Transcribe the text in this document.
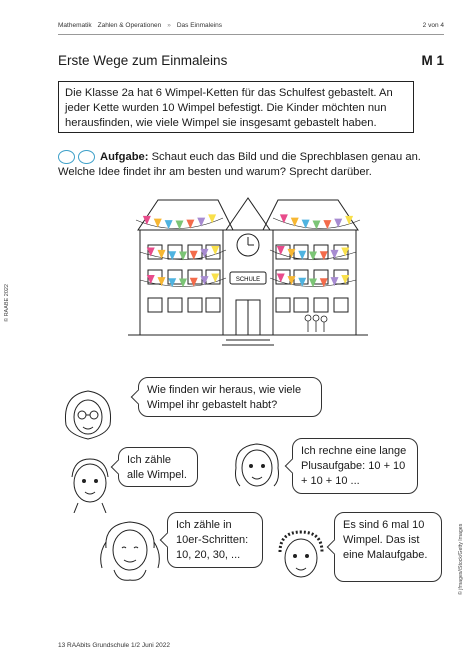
Mathematik Zahlen & Operationen » Das Einmaleins	2 von 4
Erste Wege zum Einmaleins	M 1
Die Klasse 2a hat 6 Wimpel-Ketten für das Schulfest gebastelt. An jeder Kette wurden 10 Wimpel befestigt. Die Kinder möchten nun herausfinden, wie viele Wimpel sie insgesamt gebastelt haben.
Aufgabe: Schaut euch das Bild und die Sprechblasen genau an.
Welche Idee findet ihr am besten und warum? Sprecht darüber.
SCHULE
© RAABE 2022
© jfmages/iStock/Getty Images
Wie finden wir heraus, wie viele Wimpel ihr gebastelt habt?
Ich zähle alle Wimpel.
Ich rechne eine lange Plusaufgabe: 10 + 10 + 10 + 10 ...
Ich zähle in 10er-Schritten: 10, 20, 30, ...
Es sind 6 mal 10 Wimpel. Das ist eine Malaufgabe.
13 RAAbits Grundschule 1/2 Juni 2022
